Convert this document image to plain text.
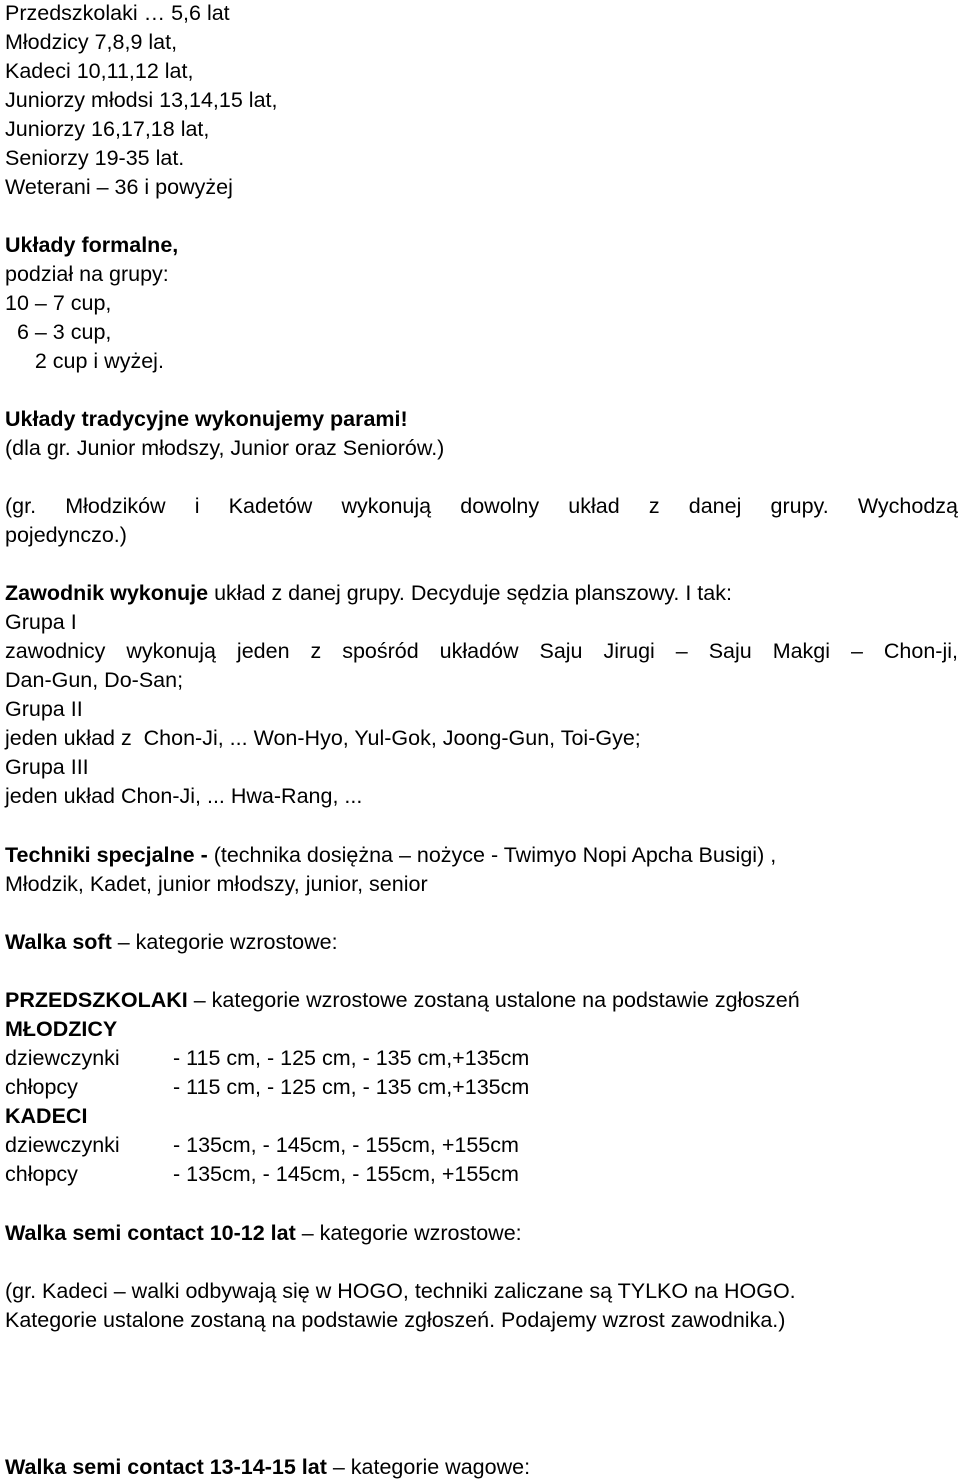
Przedszkolaki … 5,6 lat
Młodzicy 7,8,9 lat,
Kadeci 10,11,12 lat,
Juniorzy młodsi 13,14,15 lat,
Juniorzy 16,17,18 lat,
Seniorzy 19-35 lat.
Weterani – 36 i powyżej
Układy formalne,
podział na grupy:
10 – 7 cup,
6 – 3 cup,
2 cup i wyżej.
Układy tradycyjne wykonujemy parami!
(dla gr. Junior młodszy, Junior oraz Seniorów.)
(gr. Młodzików i Kadetów wykonują dowolny układ z danej grupy. Wychodzą
pojedynczo.)
Zawodnik wykonuje układ z danej grupy. Decyduje sędzia planszowy. I tak:
Grupa I
zawodnicy wykonują jeden z spośród układów Saju Jirugi – Saju Makgi – Chon-ji,
Dan-Gun, Do-San;
Grupa II
jeden układ z  Chon-Ji, ... Won-Hyo, Yul-Gok, Joong-Gun, Toi-Gye;
Grupa III
jeden układ Chon-Ji, ... Hwa-Rang, ...
Techniki specjalne - (technika dosiężna – nożyce - Twimyo Nopi Apcha Busigi) ,
Młodzik, Kadet, junior młodszy, junior, senior
Walka soft – kategorie wzrostowe:
PRZEDSZKOLAKI – kategorie wzrostowe zostaną ustalone na podstawie zgłoszeń
MŁODZICY
dziewczynki - 115 cm, - 125 cm, - 135 cm,+135cm
chłopcy	- 115 cm, - 125 cm, - 135 cm,+135cm
KADECI
dziewczynki - 135cm, - 145cm, - 155cm, +155cm
chłopcy	- 135cm, - 145cm, - 155cm, +155cm
Walka semi contact 10-12 lat – kategorie wzrostowe:
(gr. Kadeci – walki odbywają się w HOGO, techniki zaliczane są TYLKO na HOGO.
Kategorie ustalone zostaną na podstawie zgłoszeń. Podajemy wzrost zawodnika.)
Walka semi contact 13-14-15 lat – kategorie wagowe:
